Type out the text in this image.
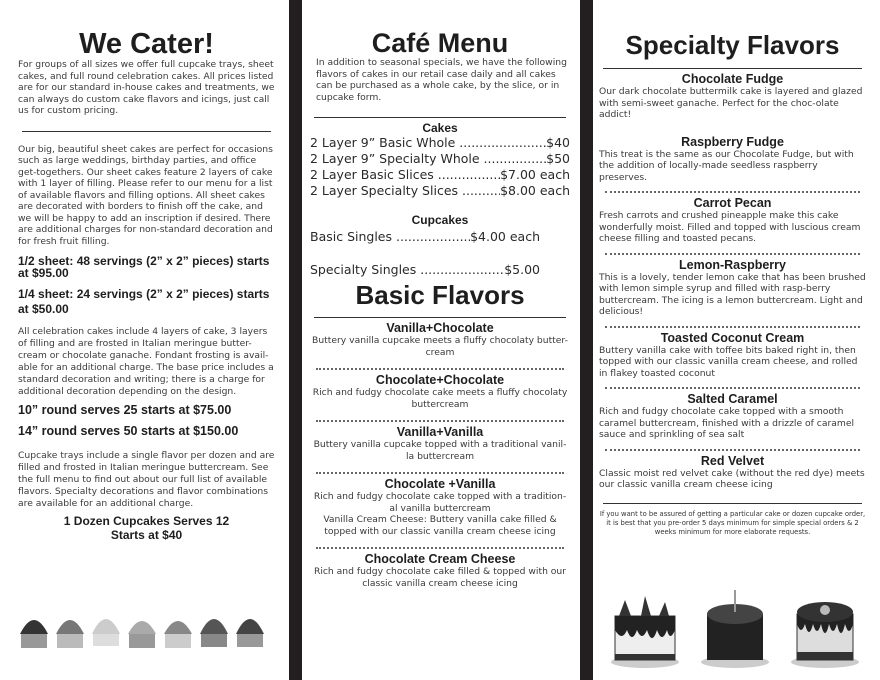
We Cater!

For groups of all sizes we offer full cupcake trays, sheet cakes, and full round celebration cakes. All prices listed are for our standard in-house cakes and treatments, we can always do custom cake flavors and icings, just call us for custom pricing.

Our big, beautiful sheet cakes are perfect for occasions such as large weddings, birthday parties, and office get-togethers. Our sheet cakes feature 2 layers of cake with 1 layer of filling. Please refer to our menu for a list of available flavors and filling options. All sheet cakes are decorated with borders to finish off the cake, and we will be happy to add an inscription if desired. There are additional charges for non-standard decoration and for fresh fruit filling.

1/2 sheet: 48 servings (2” x 2” pieces) starts at $95.00

1/4 sheet: 24 servings (2” x 2” pieces) starts at $50.00

All celebration cakes include 4 layers of cake, 3 layers of filling and are frosted in Italian meringue butter-cream or chocolate ganache. Fondant frosting is avail-able for an additional charge. The base price includes a standard decoration and writing; there is a charge for additional decoration depending on the design.

10” round serves 25 starts at $75.00

14” round serves 50 starts at $150.00

Cupcake trays include a single flavor per dozen and are filled and frosted in Italian meringue buttercream. See the full menu to find out about our full list of available flavors. Specialty decorations and flavor combinations are available for an additional charge.

1 Dozen Cupcakes Serves 12

Starts at $40

Café Menu

In addition to seasonal specials, we have the following flavors of cakes in our retail case daily and all cakes can be purchased as a whole cake, by the slice, or in cupcake form.

Cakes

2 Layer 9” Basic Whole .....	$40
2 Layer 9” Specialty Whole .....	$50
2 Layer Basic Slices .....	$7.00 each
2 Layer Specialty Slices .....	$8.00 each

Cupcakes

Basic Singles .....	$4.00 each
Specialty Singles .....	$5.00
Basic Flavors
Vanilla+Chocolate

Buttery vanilla cupcake meets a fluffy chocolaty butter-cream

Chocolate+Chocolate

Rich and fudgy chocolate cake meets a fluffy chocolaty buttercream

Vanilla+Vanilla

Buttery vanilla cupcake topped with a traditional vanil-la buttercream

Chocolate +Vanilla

Rich and fudgy chocolate cake topped with a tradition-al vanilla buttercream

Vanilla Cream Cheese: Buttery vanilla cake filled & topped with our classic vanilla cream cheese icing

Chocolate Cream Cheese

Rich and fudgy chocolate cake filled & topped with our classic vanilla cream cheese icing

Specialty Flavors
Chocolate Fudge

Our dark chocolate buttermilk cake is layered and glazed with semi-sweet ganache. Perfect for the choc-olate addict!

Raspberry Fudge

This treat is the same as our Chocolate Fudge, but with the addition of locally-made seedless raspberry preserves.

Carrot Pecan

Fresh carrots and crushed pineapple make this cake wonderfully moist. Filled and topped with luscious cream cheese filling and toasted pecans.

Lemon-Raspberry

This is a lovely, tender lemon cake that has been brushed with lemon simple syrup and filled with rasp-berry buttercream. The icing is a lemon buttercream. Light and delicious!

Toasted Coconut Cream

Buttery vanilla cake with toffee bits baked right in, then topped with our classic vanilla cream cheese, and rolled in flakey toasted coconut

Salted Caramel

Rich and fudgy chocolate cake topped with a smooth caramel buttercream, finished with a drizzle of caramel sauce and sprinkling of sea salt

Red Velvet

Classic moist red velvet cake (without the red dye) meets our classic vanilla cream cheese icing

If you want to be assured of getting a particular cake or dozen cupcake order, it is best that you pre-order 5 days minimum for simple special orders & 2 weeks minimum for more elaborate requests.
